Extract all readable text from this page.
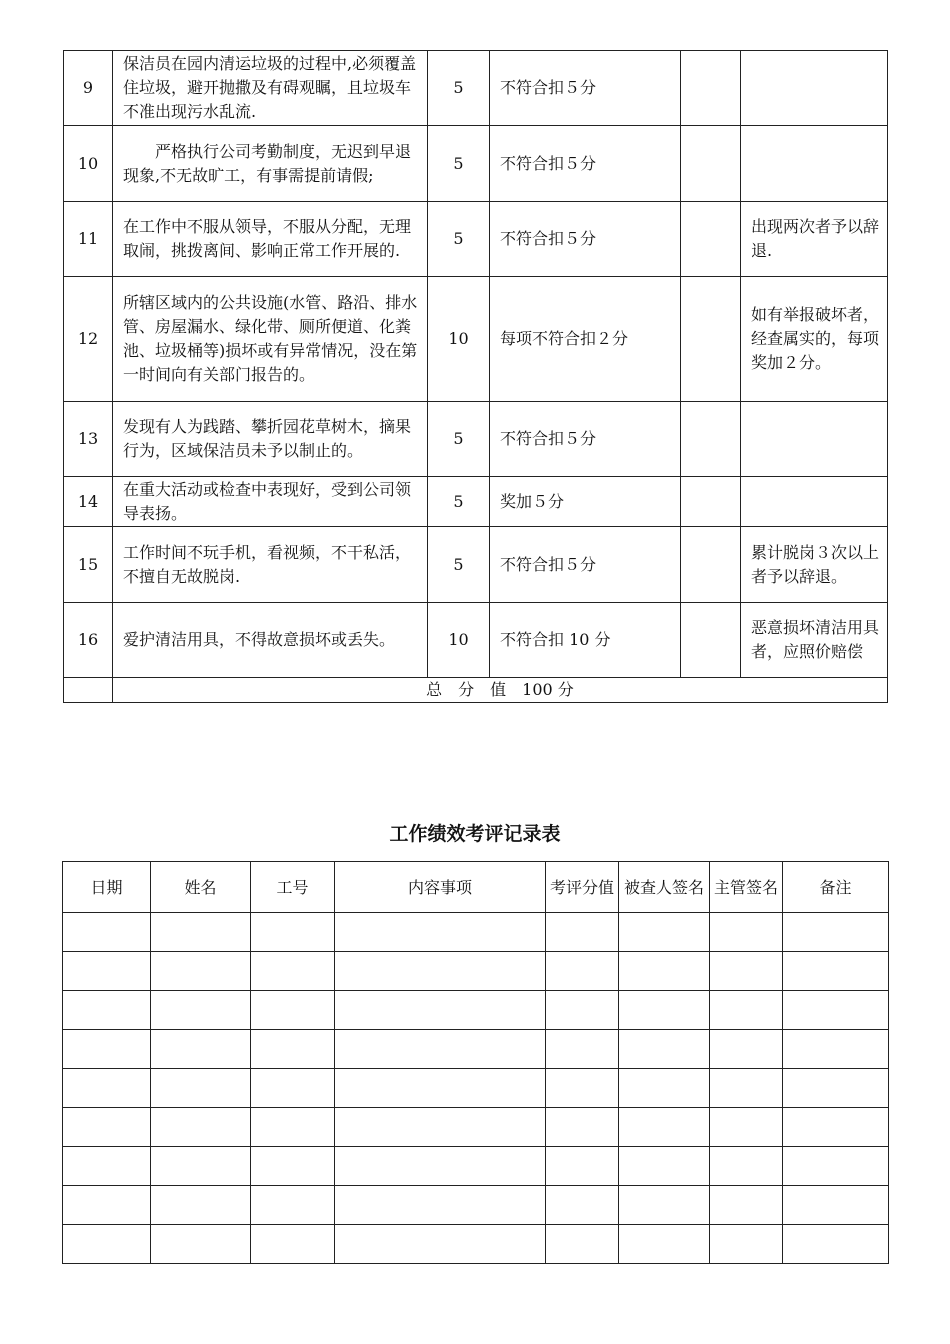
9	保洁员在园内清运垃圾的过程中,必须覆盖住垃圾，避开抛撒及有碍观瞩，且垃圾车不准出现污水乱流.	5	不符合扣５分		
10	严格执行公司考勤制度，无迟到早退现象,不无故旷工，有事需提前请假;	5	不符合扣５分		
11	在工作中不服从领导，不服从分配，无理取闹，挑拨离间、影响正常工作开展的.	5	不符合扣５分		出现两次者予以辞退.
12	所辖区域内的公共设施(水管、路沿、排水管、房屋漏水、绿化带、厕所便道、化粪池、垃圾桶等)损坏或有异常情况，没在第一时间向有关部门报告的。	10	每项不符合扣２分		如有举报破坏者，经查属实的，每项奖加２分。
13	发现有人为践踏、攀折园花草树木，摘果行为，区域保洁员未予以制止的。	5	不符合扣５分		
14	在重大活动或检查中表现好，受到公司领导表扬。	5	奖加５分		
15	工作时间不玩手机，看视频，不干私活，不擅自无故脱岗.	5	不符合扣５分		累计脱岗３次以上者予以辞退。
16	爱护清洁用具，不得故意损坏或丢失。	10	不符合扣 10 分		恶意损坏清洁用具者，应照价赔偿
	总　分　值　100 分				
工作绩效考评记录表
日期	姓名	工号	内容事项	考评分值	被查人签名	主管签名	备注
